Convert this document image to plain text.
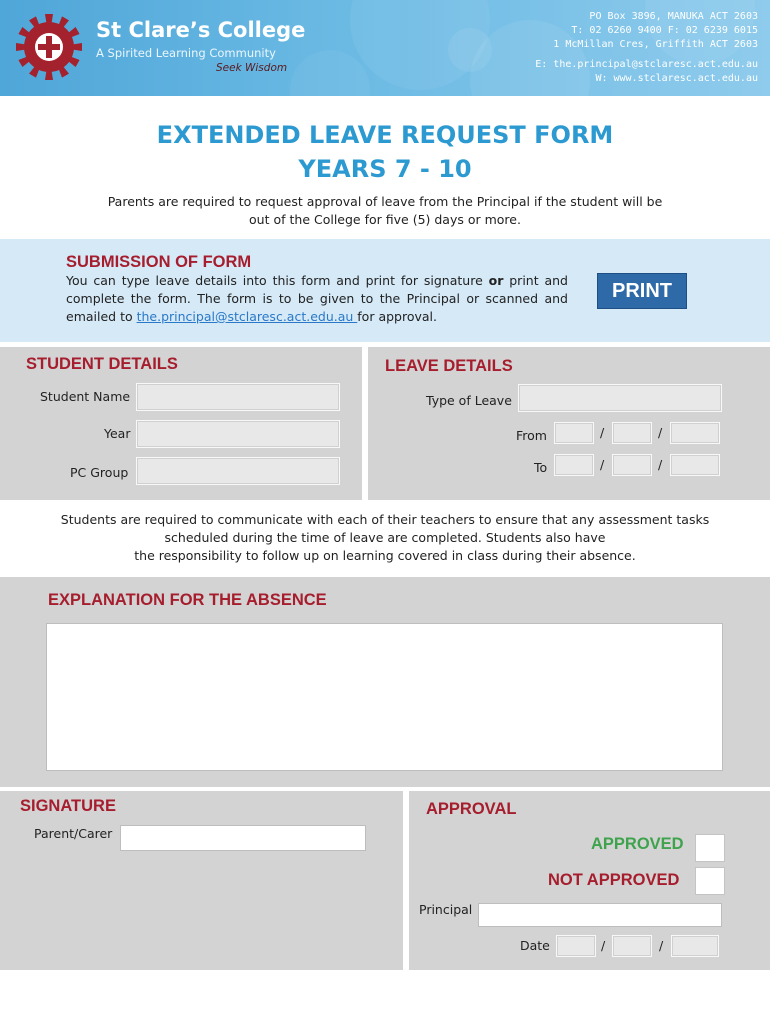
St Clare’s College
A Spirited Learning Community
Seek Wisdom
PO Box 3896, MANUKA ACT 2603
T: 02 6260 9400 F: 02 6239 6015
1 McMillan Cres, Griffith ACT 2603
E: the.principal@stclaresc.act.edu.au
W: www.stclaresc.act.edu.au
EXTENDED LEAVE REQUEST FORM
YEARS 7 - 10
Parents are required to request approval of leave from the Principal if the student will be
out of the College for five (5) days or more.
SUBMISSION OF FORM
You can type leave details into this form and print for signature or print and complete the form. The form is to be given to the Principal or scanned and emailed to the.principal@stclaresc.act.edu.au for approval.
PRINT
STUDENT DETAILS
Student Name
Year
PC Group
LEAVE DETAILS
Type of Leave
From	/	/
To	/	/
Students are required to communicate with each of their teachers to ensure that any assessment tasks
scheduled during the time of leave are completed. Students also have
the responsibility to follow up on learning covered in class during their absence.
EXPLANATION FOR THE ABSENCE
SIGNATURE
Parent/Carer
APPROVAL
APPROVED
NOT APPROVED
Principal
Date	/	/
